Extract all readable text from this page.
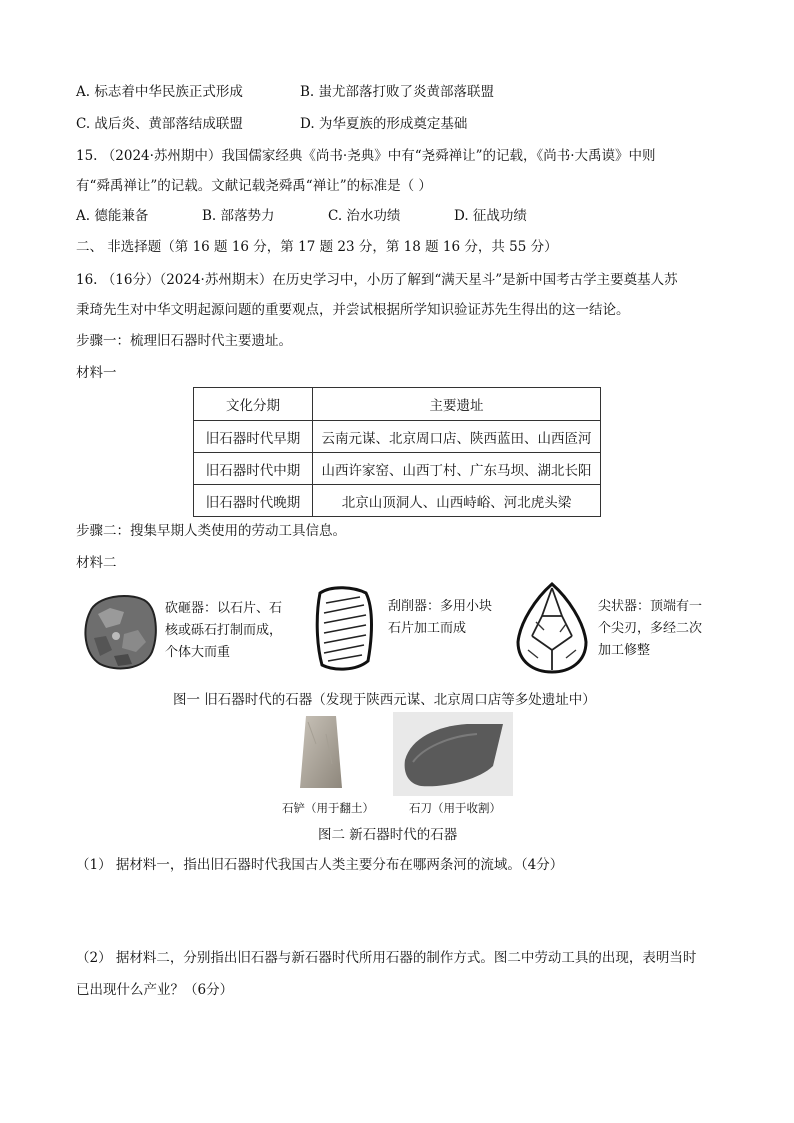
A. 标志着中华民族正式形成	B. 蚩尤部落打败了炎黄部落联盟
C. 战后炎、黄部落结成联盟	D. 为华夏族的形成奠定基础
15. （2024·苏州期中）我国儒家经典《尚书·尧典》中有“尧舜禅让”的记载，《尚书·大禹谟》中则
有“舜禹禅让”的记载。文献记载尧舜禹“禅让”的标准是（ ）
A. 德能兼备	B. 部落势力	C. 治水功绩	D. 征战功绩
二、 非选择题（第 16 题 16 分，第 17 题 23 分，第 18 题 16 分，共 55 分）
16. （16分）（2024·苏州期末）在历史学习中，小历了解到“满天星斗”是新中国考古学主要奠基人苏
秉琦先生对中华文明起源问题的重要观点，并尝试根据所学知识验证苏先生得出的这一结论。
步骤一：梳理旧石器时代主要遗址。
材料一
文化分期	主要遗址
旧石器时代早期	云南元谋、北京周口店、陕西蓝田、山西匼河
旧石器时代中期	山西许家窑、山西丁村、广东马坝、湖北长阳
旧石器时代晚期	北京山顶洞人、山西峙峪、河北虎头梁
步骤二：搜集早期人类使用的劳动工具信息。
材料二
砍砸器：以石片、石
核或砾石打制而成，
个体大而重
刮削器：多用小块
石片加工而成
尖状器：顶端有一
个尖刃，多经二次
加工修整
图一 旧石器时代的石器（发现于陕西元谋、北京周口店等多处遗址中）
石铲（用于翻土）	石刀（用于收割）
图二 新石器时代的石器
（1） 据材料一，指出旧石器时代我国古人类主要分布在哪两条河的流域。（4分）
（2） 据材料二，分别指出旧石器与新石器时代所用石器的制作方式。图二中劳动工具的出现，表明当时
已出现什么产业？（6分）
